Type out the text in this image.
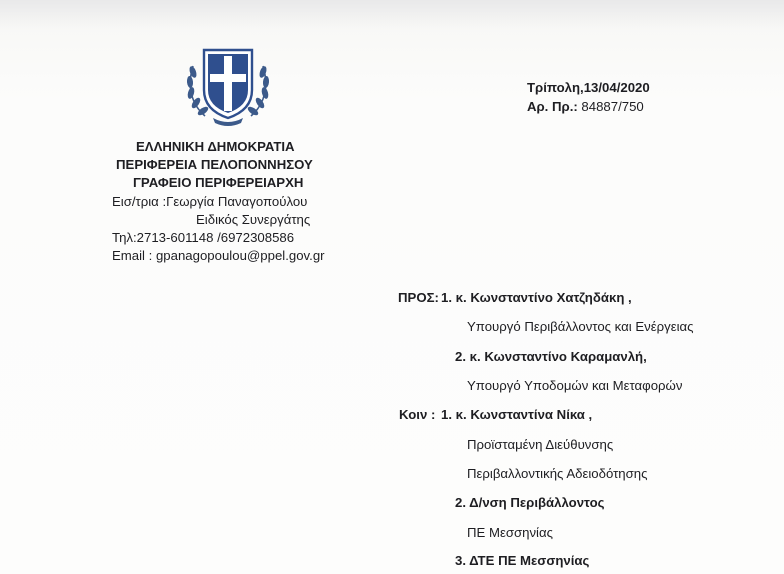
ΕΛΛΗΝΙΚΗ ΔΗΜΟΚΡΑΤΙΑ
ΠΕΡΙΦΕΡΕΙΑ ΠΕΛΟΠΟΝΝΗΣΟΥ
ΓΡΑΦΕΙΟ ΠΕΡΙΦΕΡΕΙΑΡΧΗ
Εισ/τρια :Γεωργία Παναγοπούλου
Ειδικός Συνεργάτης
Τηλ:2713-601148 /6972308586
Email : gpanagopoulou@ppel.gov.gr
Τρίπολη,13/04/2020
Αρ. Πρ.: 84887/750
ΠΡΟΣ: 1. κ. Κωνσταντίνο Χατζηδάκη ,
Υπουργό Περιβάλλοντος και Ενέργειας
2. κ. Κωνσταντίνο Καραμανλή,
Υπουργό Υποδομών και Μεταφορών
Κοιν : 1. κ. Κωνσταντίνα Νίκα ,
Προϊσταμένη Διεύθυνσης
Περιβαλλοντικής Αδειοδότησης
2. Δ/νση Περιβάλλοντος
ΠΕ Μεσσηνίας
3. ΔΤΕ ΠΕ Μεσσηνίας
